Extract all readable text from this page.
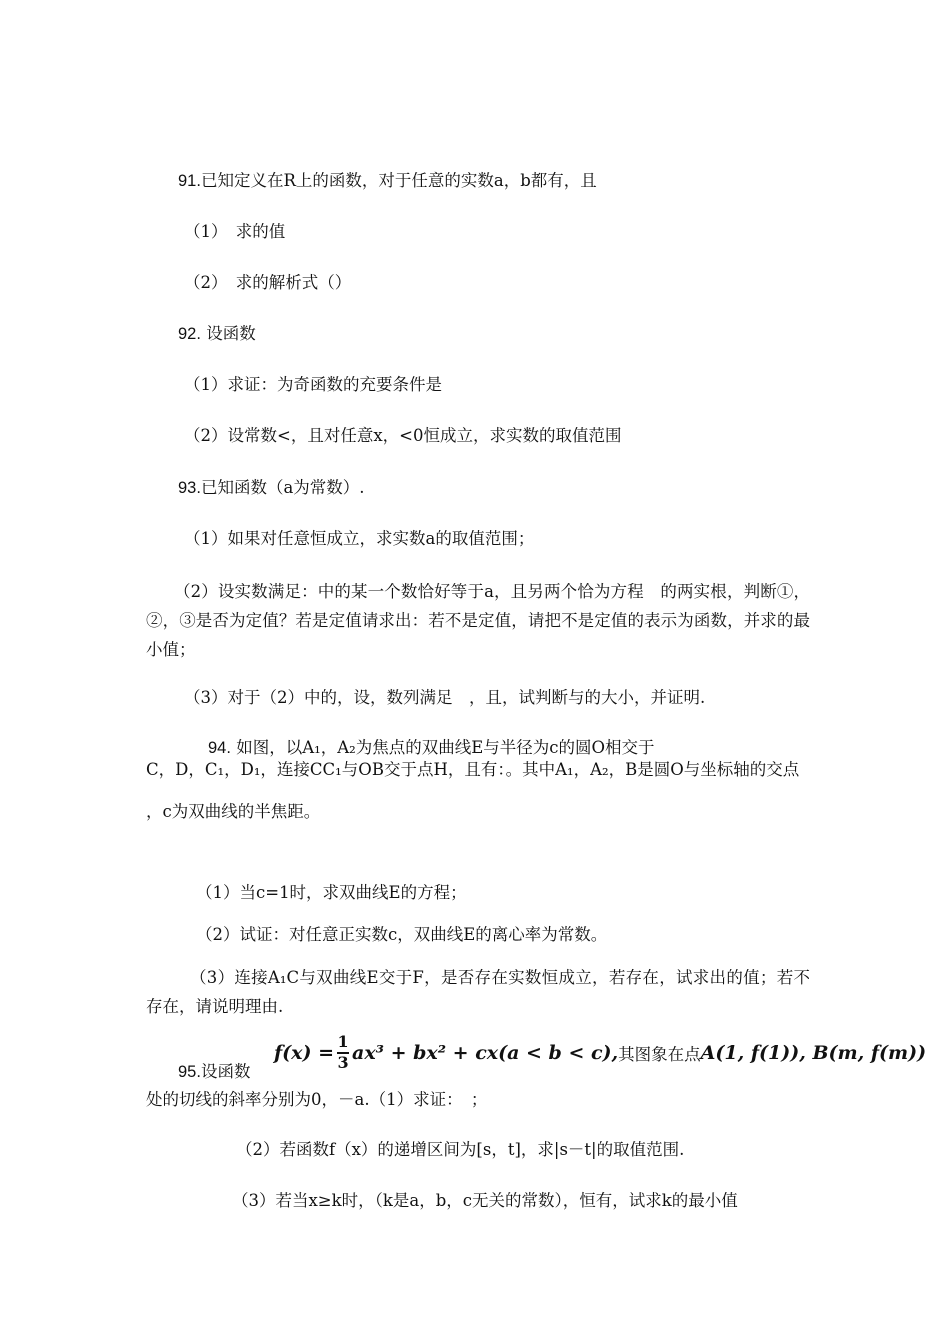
91.已知定义在R上的函数，对于任意的实数a，b都有，且
（1）　求的值
（2）　求的解析式（）
92. 设函数
（1）求证：为奇函数的充要条件是
（2）设常数<，且对任意x，<0恒成立，求实数的取值范围
93.已知函数（a为常数）.
（1）如果对任意恒成立，求实数a的取值范围；
（2）设实数满足：中的某一个数恰好等于a，且另两个恰为方程　的两实根，判断①，②，③是否为定值？若是定值请求出：若不是定值，请把不是定值的表示为函数，并求的最小值；
（3）对于（2）中的，设，数列满足　，且，试判断与的大小，并证明.
94. 如图，以A₁，A₂为焦点的双曲线E与半径为c的圆O相交于
C，D，C₁，D₁，连接CC₁与OB交于点H，且有：。其中A₁，A₂，B是圆O与坐标轴的交点
，c为双曲线的半焦距。
（1）当c=1时，求双曲线E的方程；
（2）试证：对任意正实数c，双曲线E的离心率为常数。
（3）连接A₁C与双曲线E交于F，是否存在实数恒成立，若存在，试求出的值；若不存在，请说明理由.
$f(x) = \frac{1}{3} ax^3 + bx^2 + cx(a < b < c)$, 其图象在点 A(1, f(1)), B(m, f(m))
95.设函数
处的切线的斜率分别为0，－a.（1）求证：　；
（2）若函数f（x）的递增区间为[s，t]，求|s－t|的取值范围.
（3）若当x≥k时，（k是a，b，c无关的常数），恒有，试求k的最小值
